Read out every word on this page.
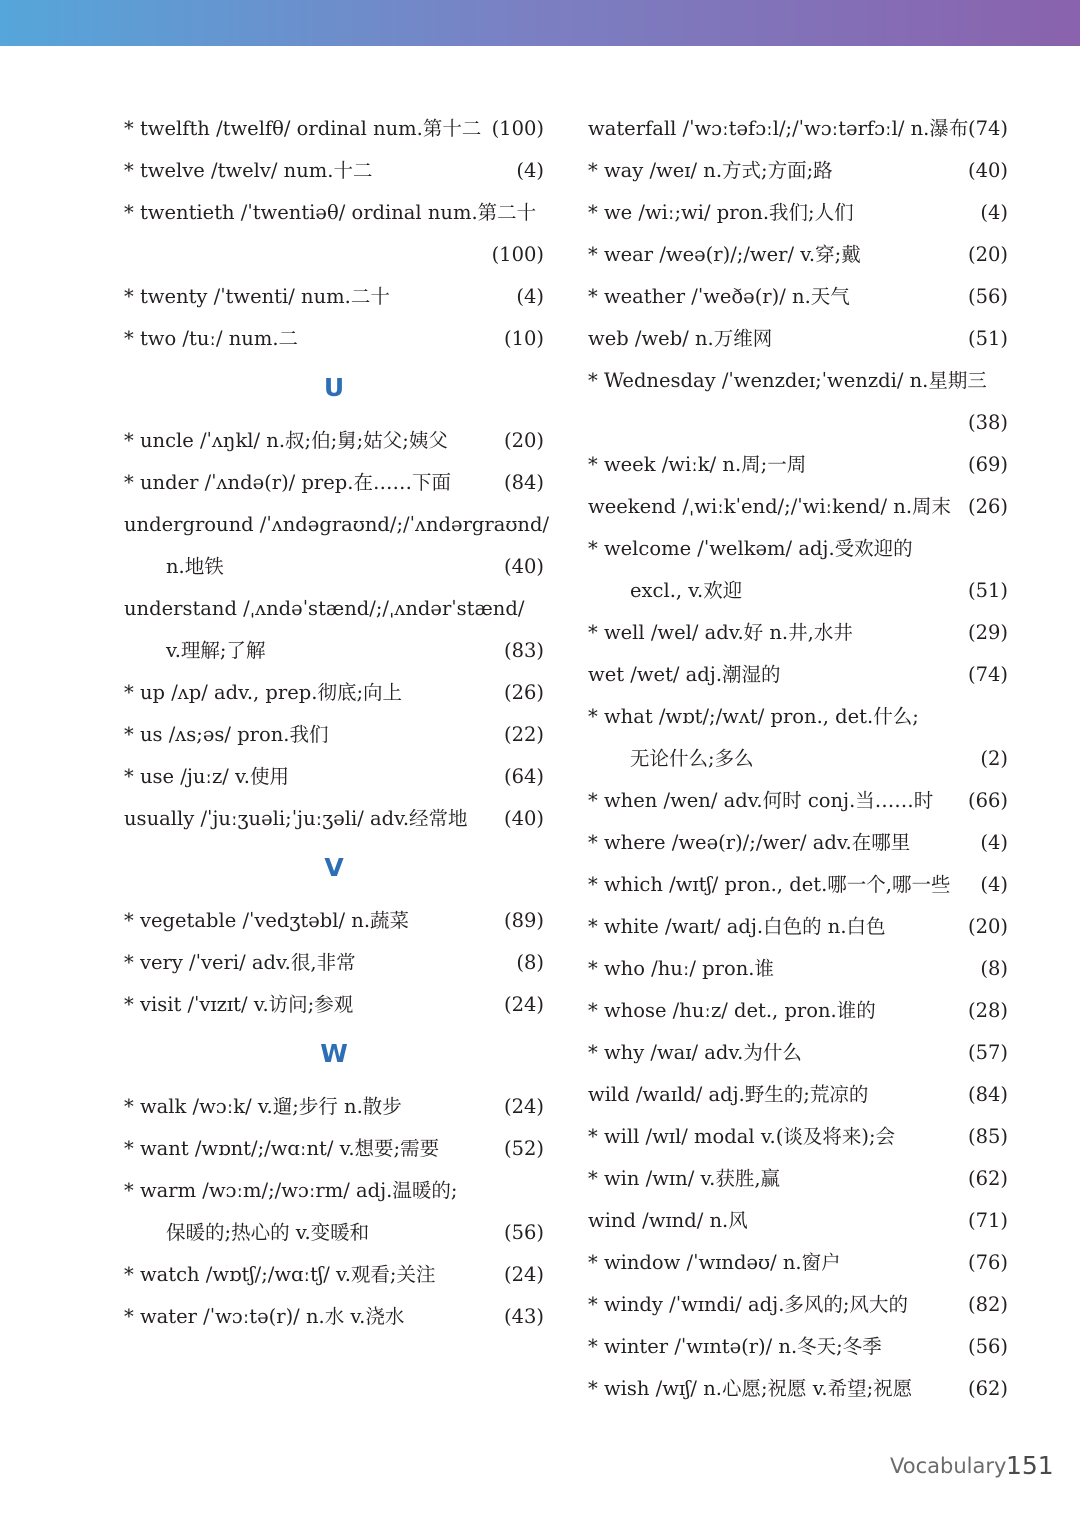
* twelfth /twelfθ/ ordinal num.第十二 (100)
* twelve /twelv/ num.十二	(4)
* twentieth /ˈtwentiəθ/ ordinal num.第二十
(100)
* twenty /ˈtwenti/ num.二十	(4)
* two /tuː/ num.二	(10)
U
* uncle /ˈʌŋkl/ n.叔;伯;舅;姑父;姨父	(20)
* under /ˈʌndə(r)/ prep.在……下面	(84)
underground /ˈʌndəgraʊnd/;/ˈʌndərgraʊnd/
n.地铁	(40)
understand /ˌʌndəˈstænd/;/ˌʌndərˈstænd/
v.理解;了解	(83)
* up /ʌp/ adv., prep.彻底;向上	(26)
* us /ʌs;əs/ pron.我们	(22)
* use /juːz/ v.使用	(64)
usually /ˈjuːʒuəli;ˈjuːʒəli/ adv.经常地 (40)
V
* vegetable /ˈvedʒtəbl/ n.蔬菜	(89)
* very /ˈveri/ adv.很,非常	(8)
* visit /ˈvɪzɪt/ v.访问;参观	(24)
W
* walk /wɔːk/ v.遛;步行 n.散步	(24)
* want /wɒnt/;/wɑːnt/ v.想要;需要	(52)
* warm /wɔːm/;/wɔːrm/ adj.温暖的;
保暖的;热心的 v.变暖和	(56)
* watch /wɒtʃ/;/wɑːtʃ/ v.观看;关注	(24)
* water /ˈwɔːtə(r)/ n.水 v.浇水	(43)
waterfall /ˈwɔːtəfɔːl/;/ˈwɔːtərfɔːl/ n.瀑布 (74)
* way /weɪ/ n.方式;方面;路	(40)
* we /wiː;wi/ pron.我们;人们	(4)
* wear /weə(r)/;/wer/ v.穿;戴	(20)
* weather /ˈweðə(r)/ n.天气	(56)
web /web/ n.万维网	(51)
* Wednesday /ˈwenzdeɪ;ˈwenzdi/ n.星期三
(38)
* week /wiːk/ n.周;一周	(69)
weekend /ˌwiːkˈend/;/ˈwiːkend/ n.周末 (26)
* welcome /ˈwelkəm/ adj.受欢迎的
excl., v.欢迎	(51)
* well /wel/ adv.好 n.井,水井	(29)
wet /wet/ adj.潮湿的	(74)
* what /wɒt/;/wʌt/ pron., det.什么;
无论什么;多么	(2)
* when /wen/ adv.何时 conj.当……时 (66)
* where /weə(r)/;/wer/ adv.在哪里	(4)
* which /wɪtʃ/ pron., det.哪一个,哪一些 (4)
* white /waɪt/ adj.白色的 n.白色	(20)
* who /huː/ pron.谁	(8)
* whose /huːz/ det., pron.谁的	(28)
* why /waɪ/ adv.为什么	(57)
wild /waɪld/ adj.野生的;荒凉的	(84)
* will /wɪl/ modal v.(谈及将来);会	(85)
* win /wɪn/ v.获胜,赢	(62)
wind /wɪnd/ n.风	(71)
* window /ˈwɪndəʊ/ n.窗户	(76)
* windy /ˈwɪndi/ adj.多风的;风大的	(82)
* winter /ˈwɪntə(r)/ n.冬天;冬季	(56)
* wish /wɪʃ/ n.心愿;祝愿 v.希望;祝愿	(62)
Vocabulary 151
